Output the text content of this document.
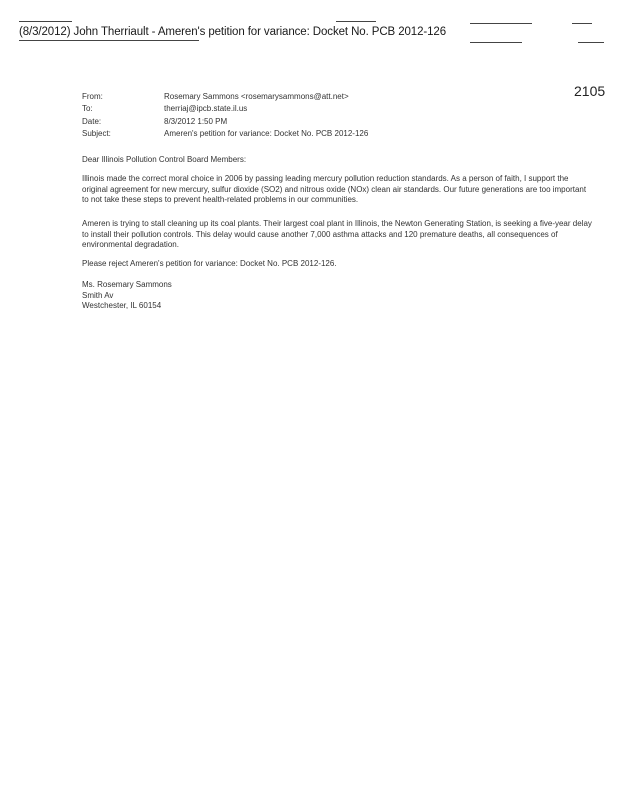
(8/3/2012) John Therriault - Ameren's petition for variance: Docket No. PCB 2012-126
2105
From:	Rosemary Sammons <rosemarysammons@att.net>
To:	therriaj@ipcb.state.il.us
Date:	8/3/2012 1:50 PM
Subject:	Ameren's petition for variance: Docket No. PCB 2012-126

Dear Illinois Pollution Control Board Members:

Illinois made the correct moral choice in 2006 by passing leading mercury pollution reduction standards. As a person of faith, I support the original agreement for new mercury, sulfur dioxide (SO2) and nitrous oxide (NOx) clean air standards. Our future generations are too important to not take these steps to prevent health-related problems in our communities.

Ameren is trying to stall cleaning up its coal plants. Their largest coal plant in Illinois, the Newton Generating Station, is seeking a five-year delay to install their pollution controls. This delay would cause another 7,000 asthma attacks and 120 premature deaths, all consequences of environmental degradation.

Please reject Ameren's petition for variance: Docket No. PCB 2012-126.

Ms. Rosemary Sammons
Smith Av
Westchester, IL 60154
